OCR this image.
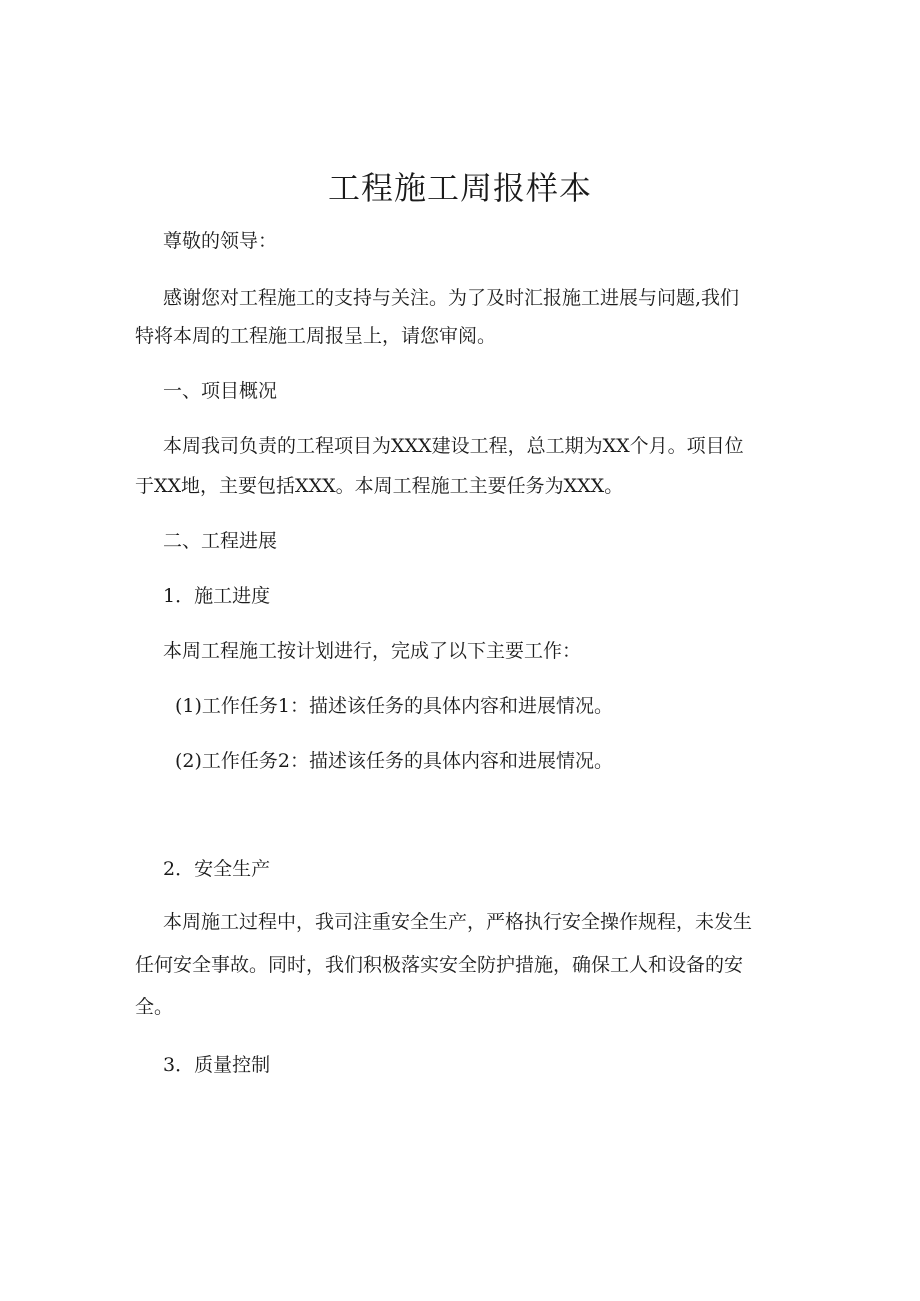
工程施工周报样本
尊敬的领导：
感谢您对工程施工的支持与关注。为了及时汇报施工进展与问题,我们
特将本周的工程施工周报呈上，请您审阅。
一、项目概况
本周我司负责的工程项目为XXX建设工程，总工期为XX个月。项目位
于XX地，主要包括XXX。本周工程施工主要任务为XXX。
二、工程进展
1．施工进度
本周工程施工按计划进行，完成了以下主要工作：
(1)工作任务1：描述该任务的具体内容和进展情况。
(2)工作任务2：描述该任务的具体内容和进展情况。
2．安全生产
本周施工过程中，我司注重安全生产，严格执行安全操作规程，未发生
任何安全事故。同时，我们积极落实安全防护措施，确保工人和设备的安
全。
3．质量控制
